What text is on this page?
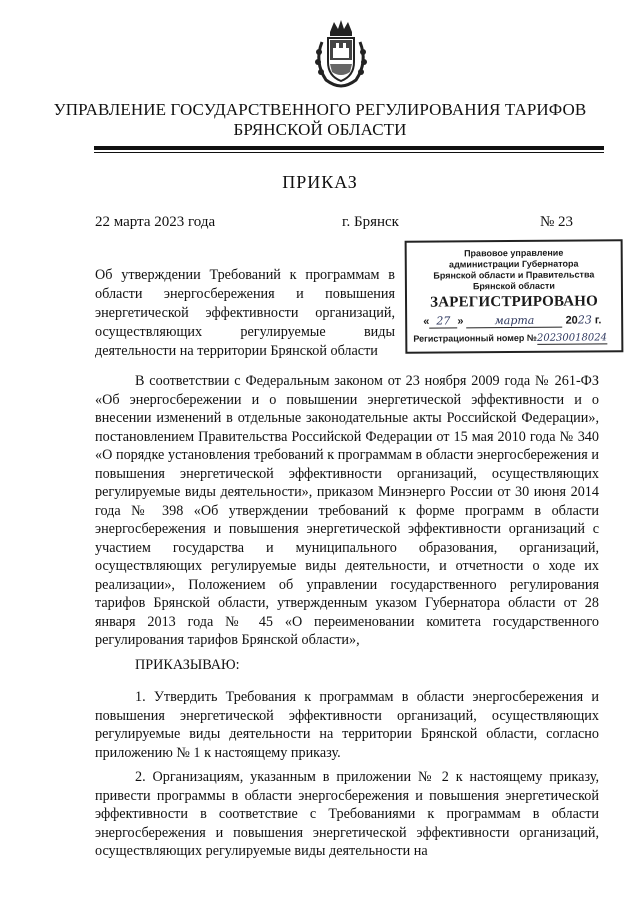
УПРАВЛЕНИЕ ГОСУДАРСТВЕННОГО РЕГУЛИРОВАНИЯ ТАРИФОВ
БРЯНСКОЙ ОБЛАСТИ
ПРИКАЗ
22 марта 2023 года	г. Брянск	№ 23

Об утверждении Требований к программам в области энергосбережения и повышения энергетической эффективности организаций, осуществляющих регулируемые виды деятельности на территории Брянской области

Правовое управление
администрации Губернатора
Брянской области и Правительства
Брянской области
ЗАРЕГИСТРИРОВАНО
« 27 »	марта	2023 г.
Регистрационный номер №20230018024

В соответствии с Федеральным законом от 23 ноября 2009 года № 261-ФЗ «Об энергосбережении и о повышении энергетической эффективности и о внесении изменений в отдельные законодательные акты Российской Федерации», постановлением Правительства Российской Федерации от 15 мая 2010 года № 340 «О порядке установления требований к программам в области энергосбережения и повышения энергетической эффективности организаций, осуществляющих регулируемые виды деятельности», приказом Минэнерго России от 30 июня 2014 года № 398 «Об утверждении требований к форме программ в области энергосбережения и повышения энергетической эффективности организаций с участием государства и муниципального образования, организаций, осуществляющих регулируемые виды деятельности, и отчетности о ходе их реализации», Положением об управлении государственного регулирования тарифов Брянской области, утвержденным указом Губернатора области от 28 января 2013 года № 45 «О переименовании комитета государственного регулирования тарифов Брянской области»,

ПРИКАЗЫВАЮ:

1. Утвердить Требования к программам в области энергосбережения и повышения энергетической эффективности организаций, осуществляющих регулируемые виды деятельности на территории Брянской области, согласно приложению № 1 к настоящему приказу.

2. Организациям, указанным в приложении № 2 к настоящему приказу, привести программы в области энергосбережения и повышения энергетической эффективности в соответствие с Требованиями к программам в области энергосбережения и повышения энергетической эффективности организаций, осуществляющих регулируемые виды деятельности на
